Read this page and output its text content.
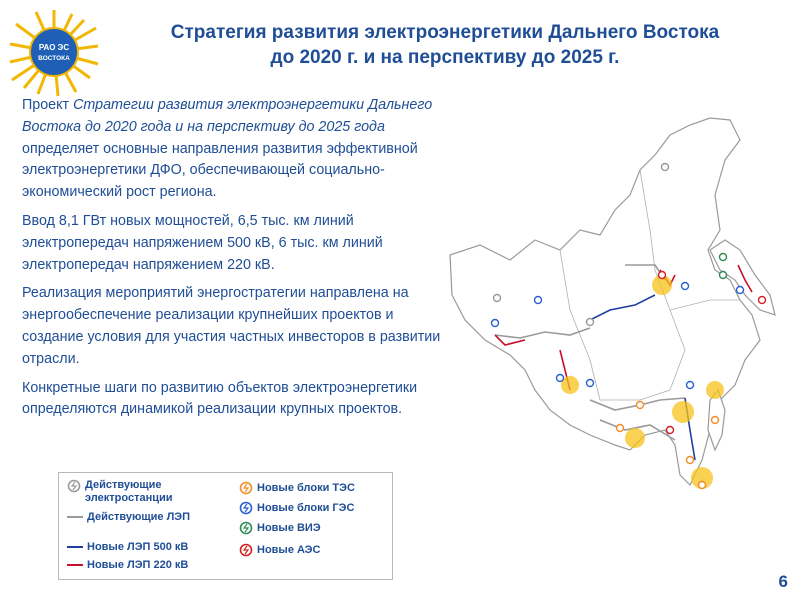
РАО ЭС
ВОСТОКА
Стратегия развития электроэнергетики Дальнего Востока
до 2020 г. и на перспективу до 2025 г.

Проект Стратегии развития электроэнергетики Дальнего Востока до 2020 года и на перспективу до 2025 года определяет основные направления развития эффективной электроэнергетики ДФО, обеспечивающей социально-экономический рост региона.

Ввод 8,1 ГВт новых мощностей, 6,5 тыс. км линий электропередач напряжением 500 кВ, 6 тыс. км линий электропередач напряжением 220 кВ.

Реализация мероприятий энергостратегии направлена на энергообеспечение реализации крупнейших проектов и создание условия для участия частных инвесторов в развитии отрасли.

Конкретные шаги по развитию объектов электроэнергетики определяются динамикой реализации крупных проектов.

Действующие электростанции
Действующие ЛЭП
Новые ЛЭП 500 кВ
Новые ЛЭП 220 кВ
Новые блоки ТЭС
Новые блоки ГЭС
Новые ВИЭ
Новые АЭС
6
